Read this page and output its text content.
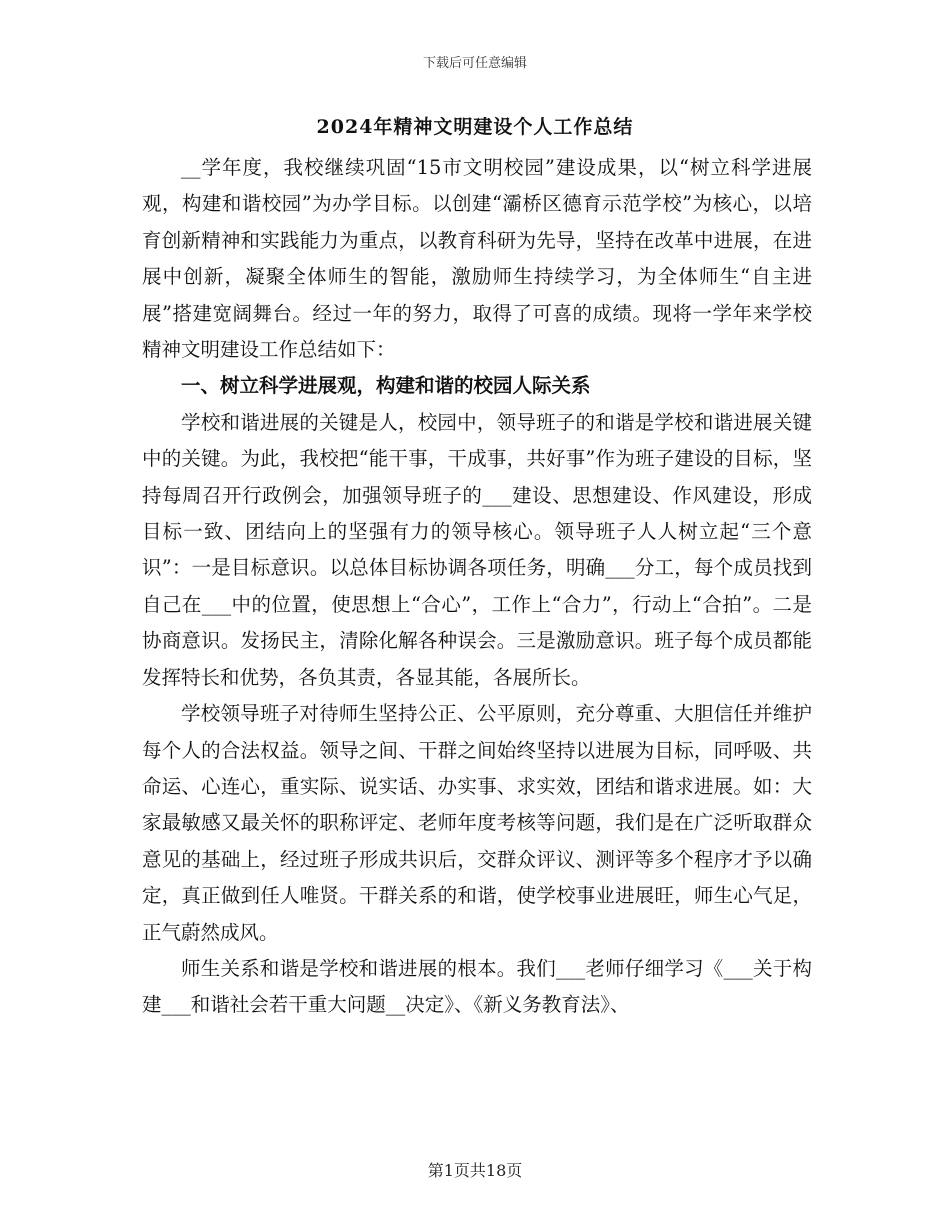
下载后可任意编辑
2024年精神文明建设个人工作总结

__学年度，我校继续巩固“15市文明校园”建设成果，以“树立科学进展观，构建和谐校园”为办学目标。以创建“灞桥区德育示范学校”为核心，以培育创新精神和实践能力为重点，以教育科研为先导，坚持在改革中进展，在进展中创新，凝聚全体师生的智能，激励师生持续学习，为全体师生“自主进展”搭建宽阔舞台。经过一年的努力，取得了可喜的成绩。现将一学年来学校精神文明建设工作总结如下：

一、树立科学进展观，构建和谐的校园人际关系

学校和谐进展的关键是人，校园中，领导班子的和谐是学校和谐进展关键中的关键。为此，我校把“能干事，干成事，共好事”作为班子建设的目标，坚持每周召开行政例会，加强领导班子的___建设、思想建设、作风建设，形成目标一致、团结向上的坚强有力的领导核心。领导班子人人树立起“三个意识”：一是目标意识。以总体目标协调各项任务，明确___分工，每个成员找到自己在___中的位置，使思想上“合心”，工作上“合力”，行动上“合拍”。二是协商意识。发扬民主，清除化解各种误会。三是激励意识。班子每个成员都能发挥特长和优势，各负其责，各显其能，各展所长。

学校领导班子对待师生坚持公正、公平原则，充分尊重、大胆信任并维护每个人的合法权益。领导之间、干群之间始终坚持以进展为目标，同呼吸、共命运、心连心，重实际、说实话、办实事、求实效，团结和谐求进展。如：大家最敏感又最关怀的职称评定、老师年度考核等问题，我们是在广泛听取群众意见的基础上，经过班子形成共识后，交群众评议、测评等多个程序才予以确定，真正做到任人唯贤。干群关系的和谐，使学校事业进展旺，师生心气足，正气蔚然成风。

师生关系和谐是学校和谐进展的根本。我们___老师仔细学习《___关于构建___和谐社会若干重大问题__决定》、《新义务教育法》、

第1页共18页
